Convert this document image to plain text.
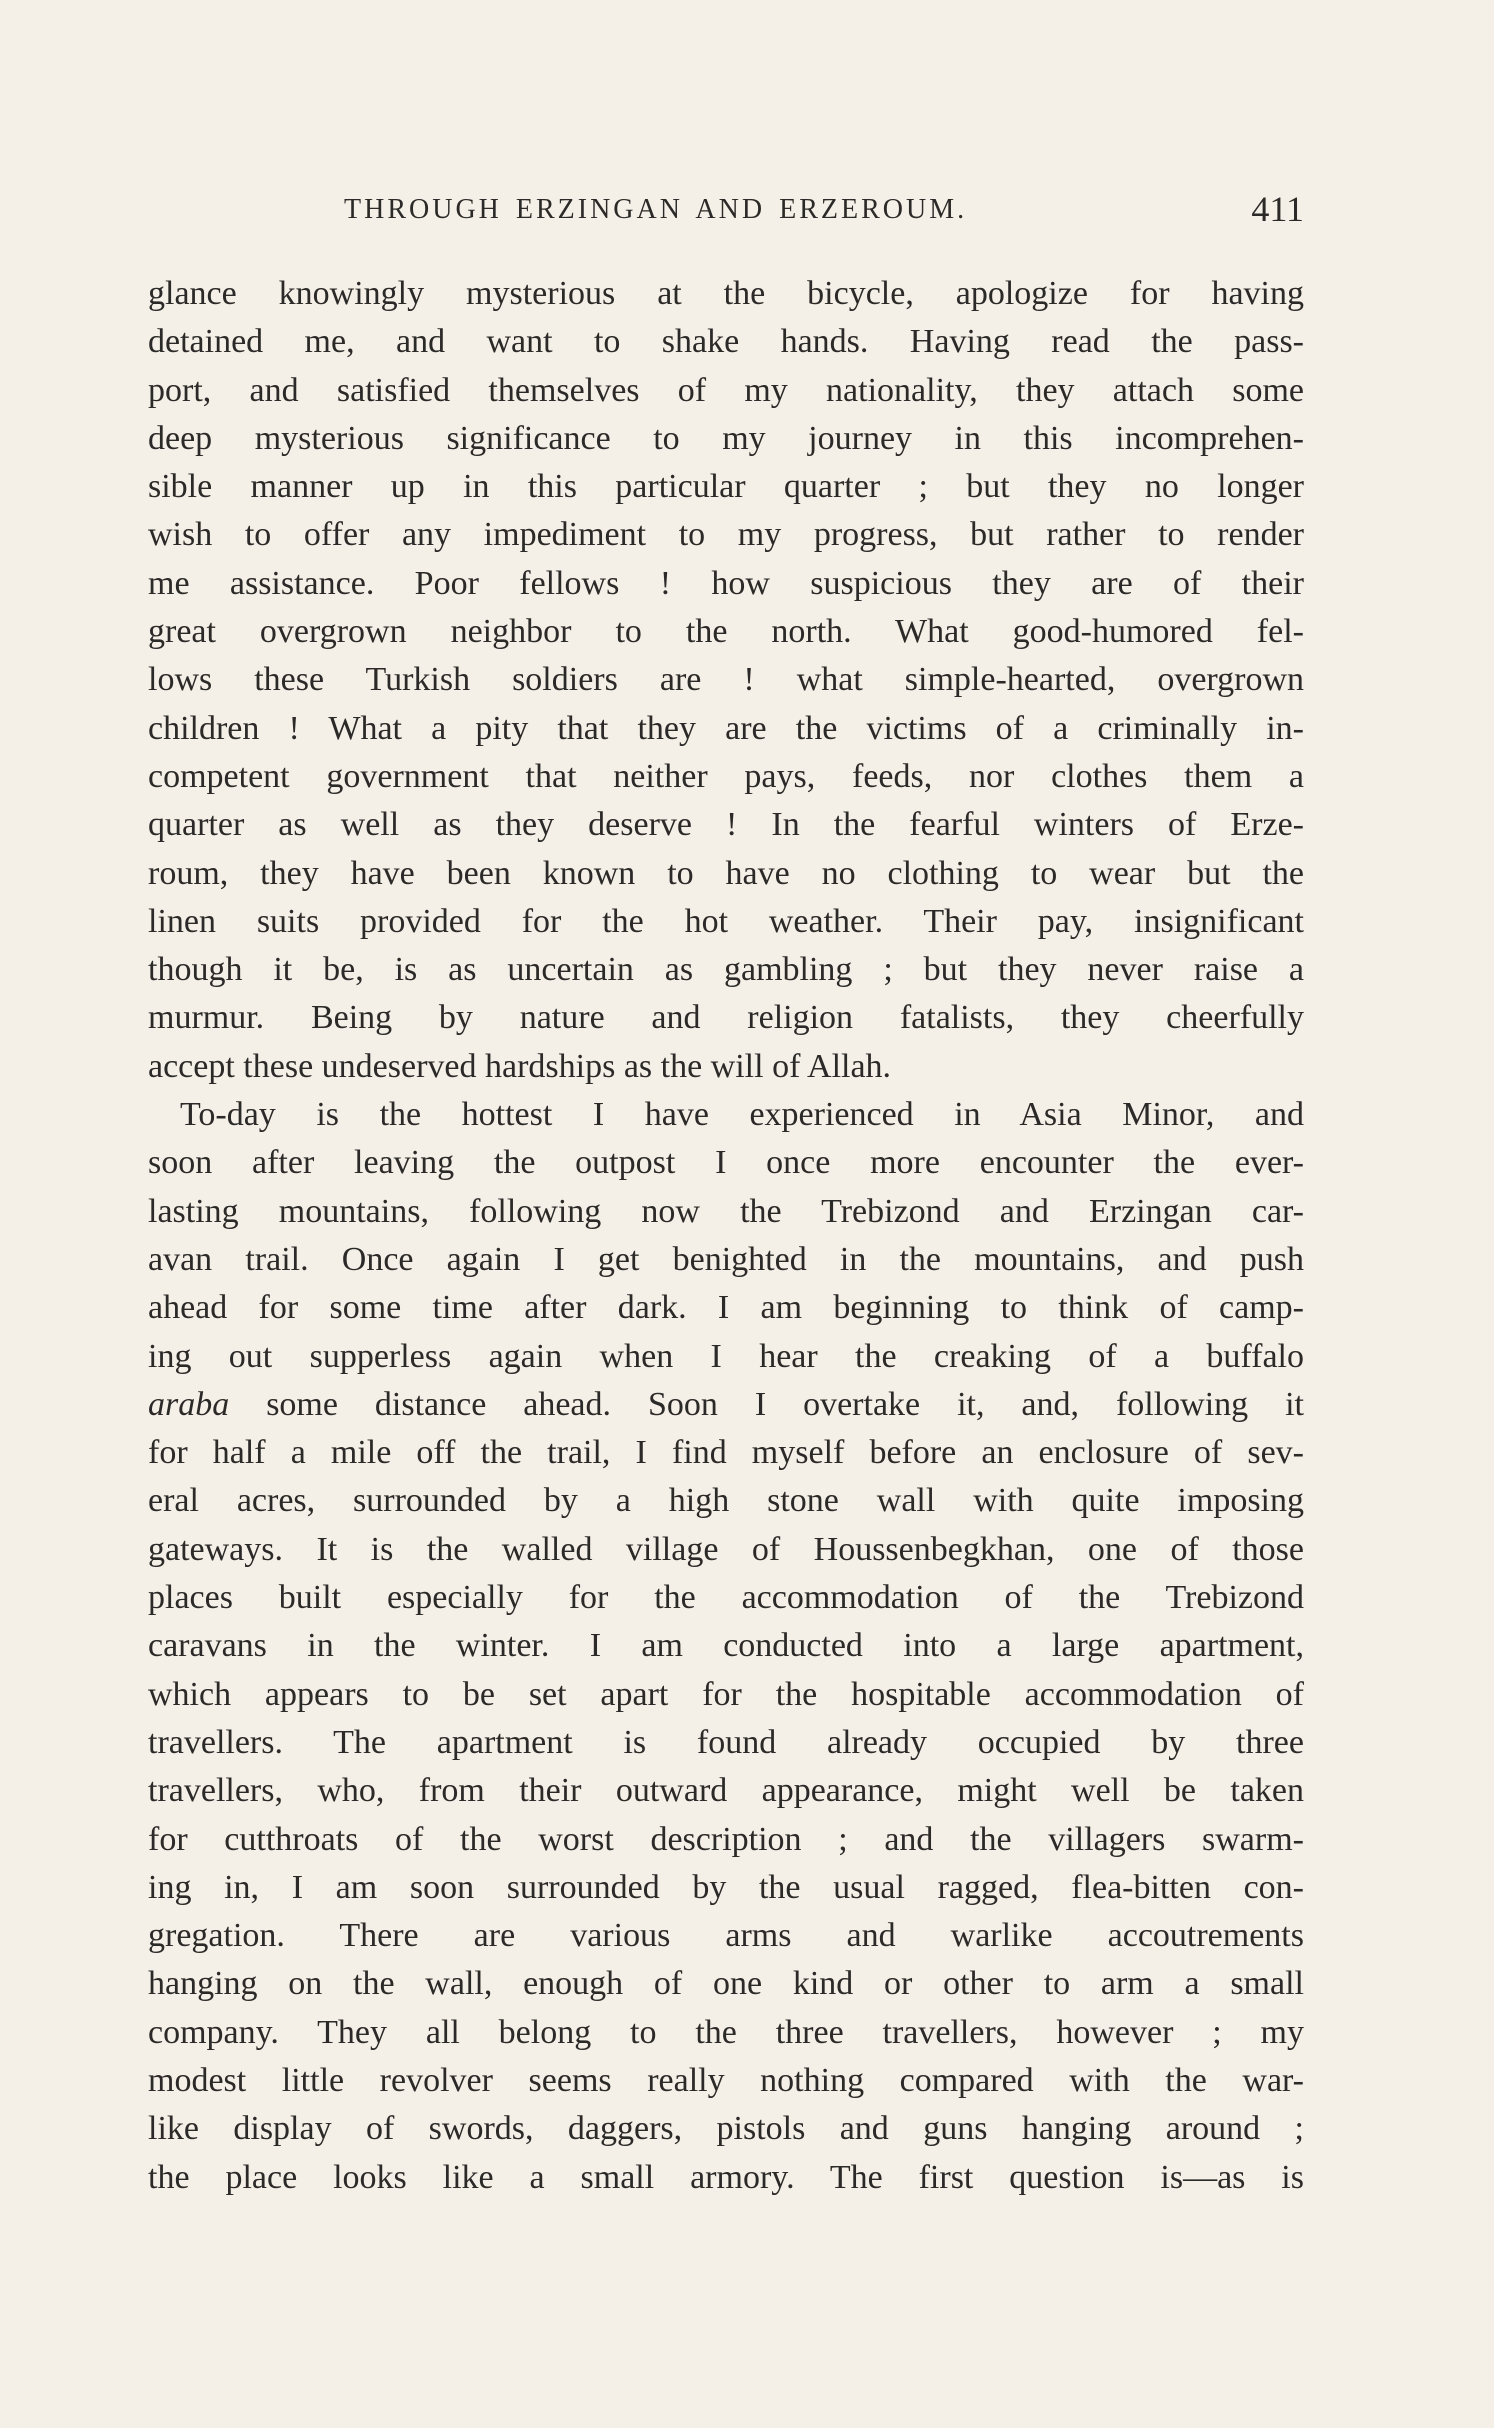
THROUGH ERZINGAN AND ERZEROUM.	411
glance knowingly mysterious at the bicycle, apologize for having
detained me, and want to shake hands. Having read the pass-
port, and satisfied themselves of my nationality, they attach some
deep mysterious significance to my journey in this incomprehen-
sible manner up in this particular quarter ; but they no longer
wish to offer any impediment to my progress, but rather to render
me assistance. Poor fellows ! how suspicious they are of their
great overgrown neighbor to the north. What good-humored fel-
lows these Turkish soldiers are ! what simple-hearted, overgrown
children ! What a pity that they are the victims of a criminally in-
competent government that neither pays, feeds, nor clothes them a
quarter as well as they deserve ! In the fearful winters of Erze-
roum, they have been known to have no clothing to wear but the
linen suits provided for the hot weather. Their pay, insignificant
though it be, is as uncertain as gambling ; but they never raise a
murmur. Being by nature and religion fatalists, they cheerfully
accept these undeserved hardships as the will of Allah.
To-day is the hottest I have experienced in Asia Minor, and
soon after leaving the outpost I once more encounter the ever-
lasting mountains, following now the Trebizond and Erzingan car-
avan trail. Once again I get benighted in the mountains, and push
ahead for some time after dark. I am beginning to think of camp-
ing out supperless again when I hear the creaking of a buffalo
araba some distance ahead. Soon I overtake it, and, following it
for half a mile off the trail, I find myself before an enclosure of sev-
eral acres, surrounded by a high stone wall with quite imposing
gateways. It is the walled village of Houssenbegkhan, one of those
places built especially for the accommodation of the Trebizond
caravans in the winter. I am conducted into a large apartment,
which appears to be set apart for the hospitable accommodation of
travellers. The apartment is found already occupied by three
travellers, who, from their outward appearance, might well be taken
for cutthroats of the worst description ; and the villagers swarm-
ing in, I am soon surrounded by the usual ragged, flea-bitten con-
gregation. There are various arms and warlike accoutrements
hanging on the wall, enough of one kind or other to arm a small
company. They all belong to the three travellers, however ; my
modest little revolver seems really nothing compared with the war-
like display of swords, daggers, pistols and guns hanging around ;
the place looks like a small armory. The first question is—as is
